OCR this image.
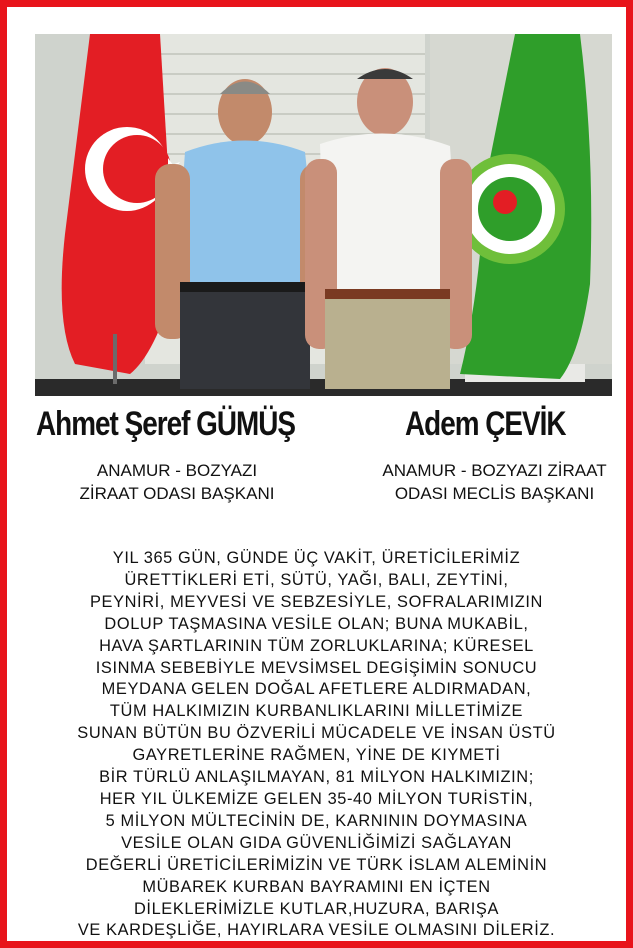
Ahmet Şeref GÜMÜŞ	Adem ÇEVİK
ANAMUR - BOZYAZI
ZİRAAT ODASI BAŞKANI
ANAMUR - BOZYAZI ZİRAAT
ODASI MECLİS BAŞKANI
YIL 365 GÜN, GÜNDE ÜÇ VAKİT, ÜRETİCİLERİMİZ
ÜRETTİKLERİ ETİ, SÜTÜ, YAĞI, BALI, ZEYTİNİ,
PEYNİRİ, MEYVESİ VE SEBZESİYLE, SOFRALARIMIZIN
DOLUP TAŞMASINA VESİLE OLAN; BUNA MUKABİL,
HAVA ŞARTLARININ TÜM ZORLUKLARINA; KÜRESEL
ISINMA SEBEBİYLE MEVSİMSEL DEGİŞİMİN SONUCU
MEYDANA GELEN DOĞAL AFETLERE ALDIRMADAN,
TÜM HALKIMIZIN KURBANLIKLARINI MİLLETİMİZE
SUNAN BÜTÜN BU ÖZVERİLİ MÜCADELE VE İNSAN ÜSTÜ
GAYRETLERİNE RAĞMEN, YİNE DE KIYMETİ
BİR TÜRLÜ ANLAŞILMAYAN, 81 MİLYON HALKIMIZIN;
HER YIL ÜLKEMİZE GELEN 35-40 MİLYON TURİSTİN,
5 MİLYON MÜLTECİNİN DE, KARNININ DOYMASINA
VESİLE OLAN GIDA GÜVENLİĞİMİZİ SAĞLAYAN
DEĞERLİ ÜRETİCİLERİMİZİN VE TÜRK İSLAM ALEMİNİN
MÜBAREK KURBAN BAYRAMINI EN İÇTEN
DİLEKLERİMİZLE KUTLAR,HUZURA, BARIŞA
VE KARDEŞLİĞE, HAYIRLARA VESİLE OLMASINI DİLERİZ.
